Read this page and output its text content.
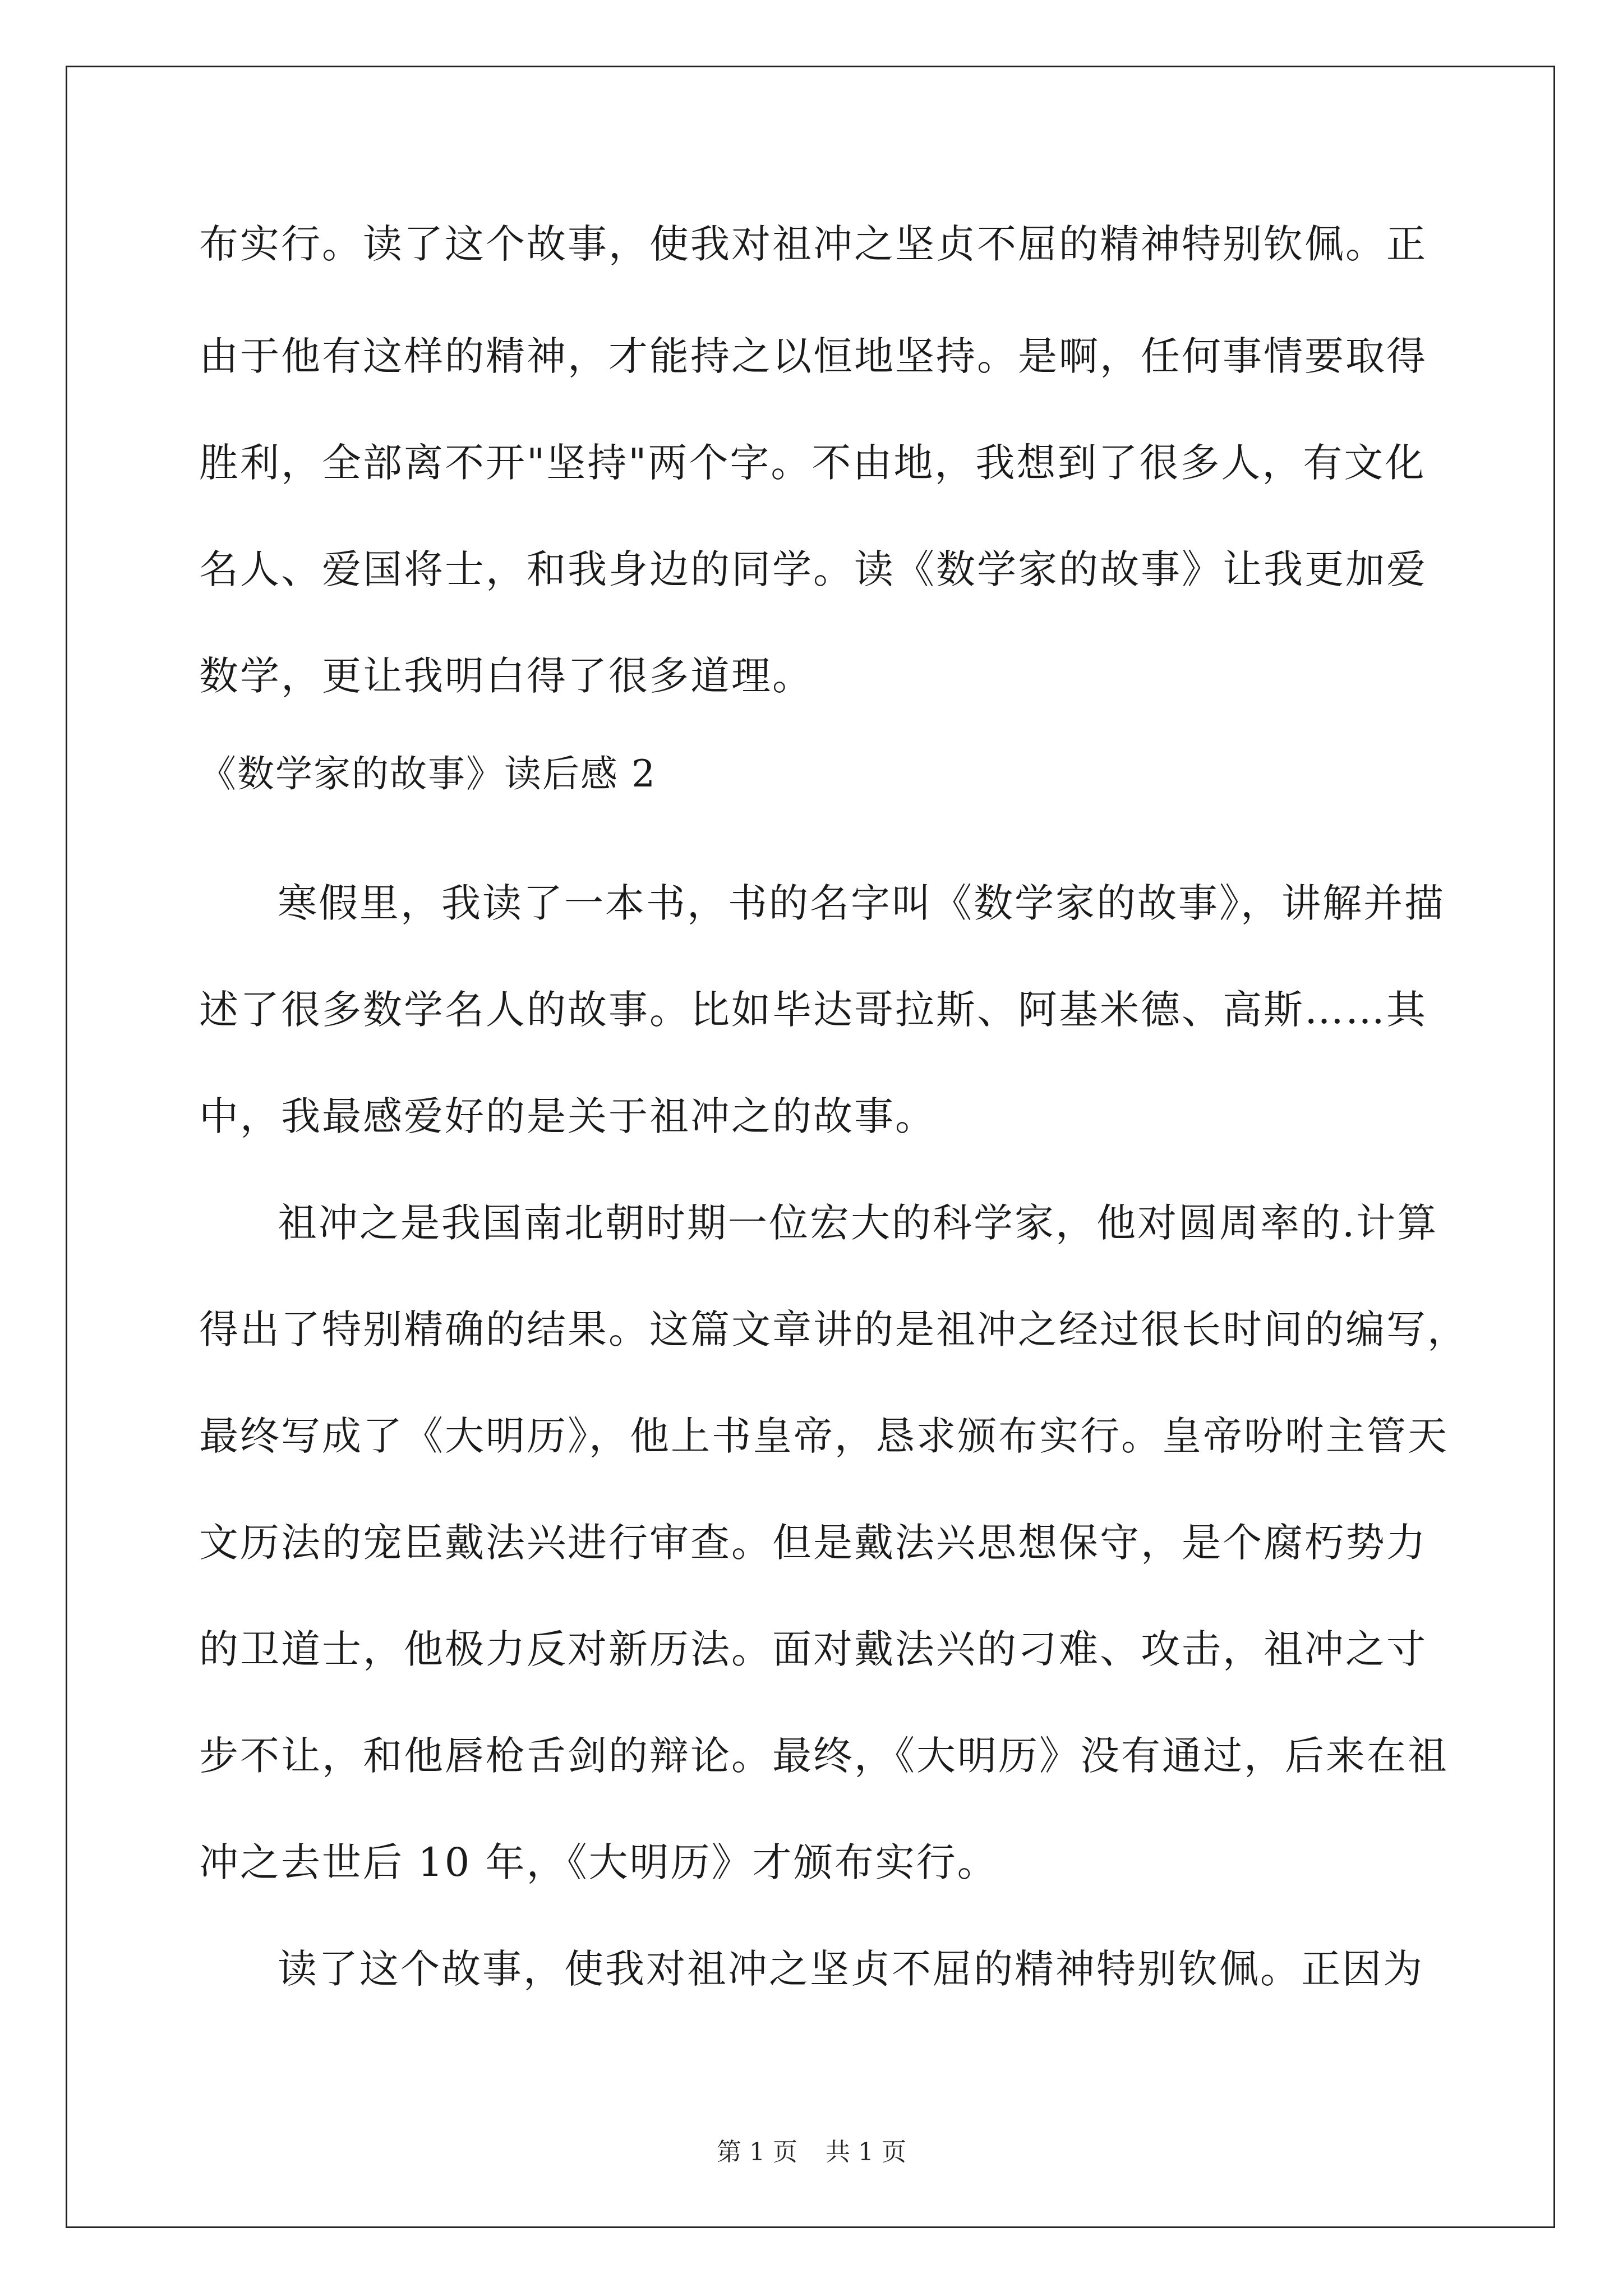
布实行。读了这个故事，使我对祖冲之坚贞不屈的精神特别钦佩。正
由于他有这样的精神，才能持之以恒地坚持。是啊，任何事情要取得
胜利，全部离不开"坚持"两个字。不由地，我想到了很多人，有文化
名人、爱国将士，和我身边的同学。读《数学家的故事》让我更加爱
数学，更让我明白得了很多道理。
《数学家的故事》读后感 2
寒假里，我读了一本书，书的名字叫《数学家的故事》，讲解并描
述了很多数学名人的故事。比如毕达哥拉斯、阿基米德、高斯……其
中，我最感爱好的是关于祖冲之的故事。
祖冲之是我国南北朝时期一位宏大的科学家，他对圆周率的.计算
得出了特别精确的结果。这篇文章讲的是祖冲之经过很长时间的编写，
最终写成了《大明历》，他上书皇帝，恳求颁布实行。皇帝吩咐主管天
文历法的宠臣戴法兴进行审查。但是戴法兴思想保守，是个腐朽势力
的卫道士，他极力反对新历法。面对戴法兴的刁难、攻击，祖冲之寸
步不让，和他唇枪舌剑的辩论。最终，《大明历》没有通过，后来在祖
冲之去世后 10 年，《大明历》才颁布实行。
读了这个故事，使我对祖冲之坚贞不屈的精神特别钦佩。正因为
第 1 页 共 1 页
